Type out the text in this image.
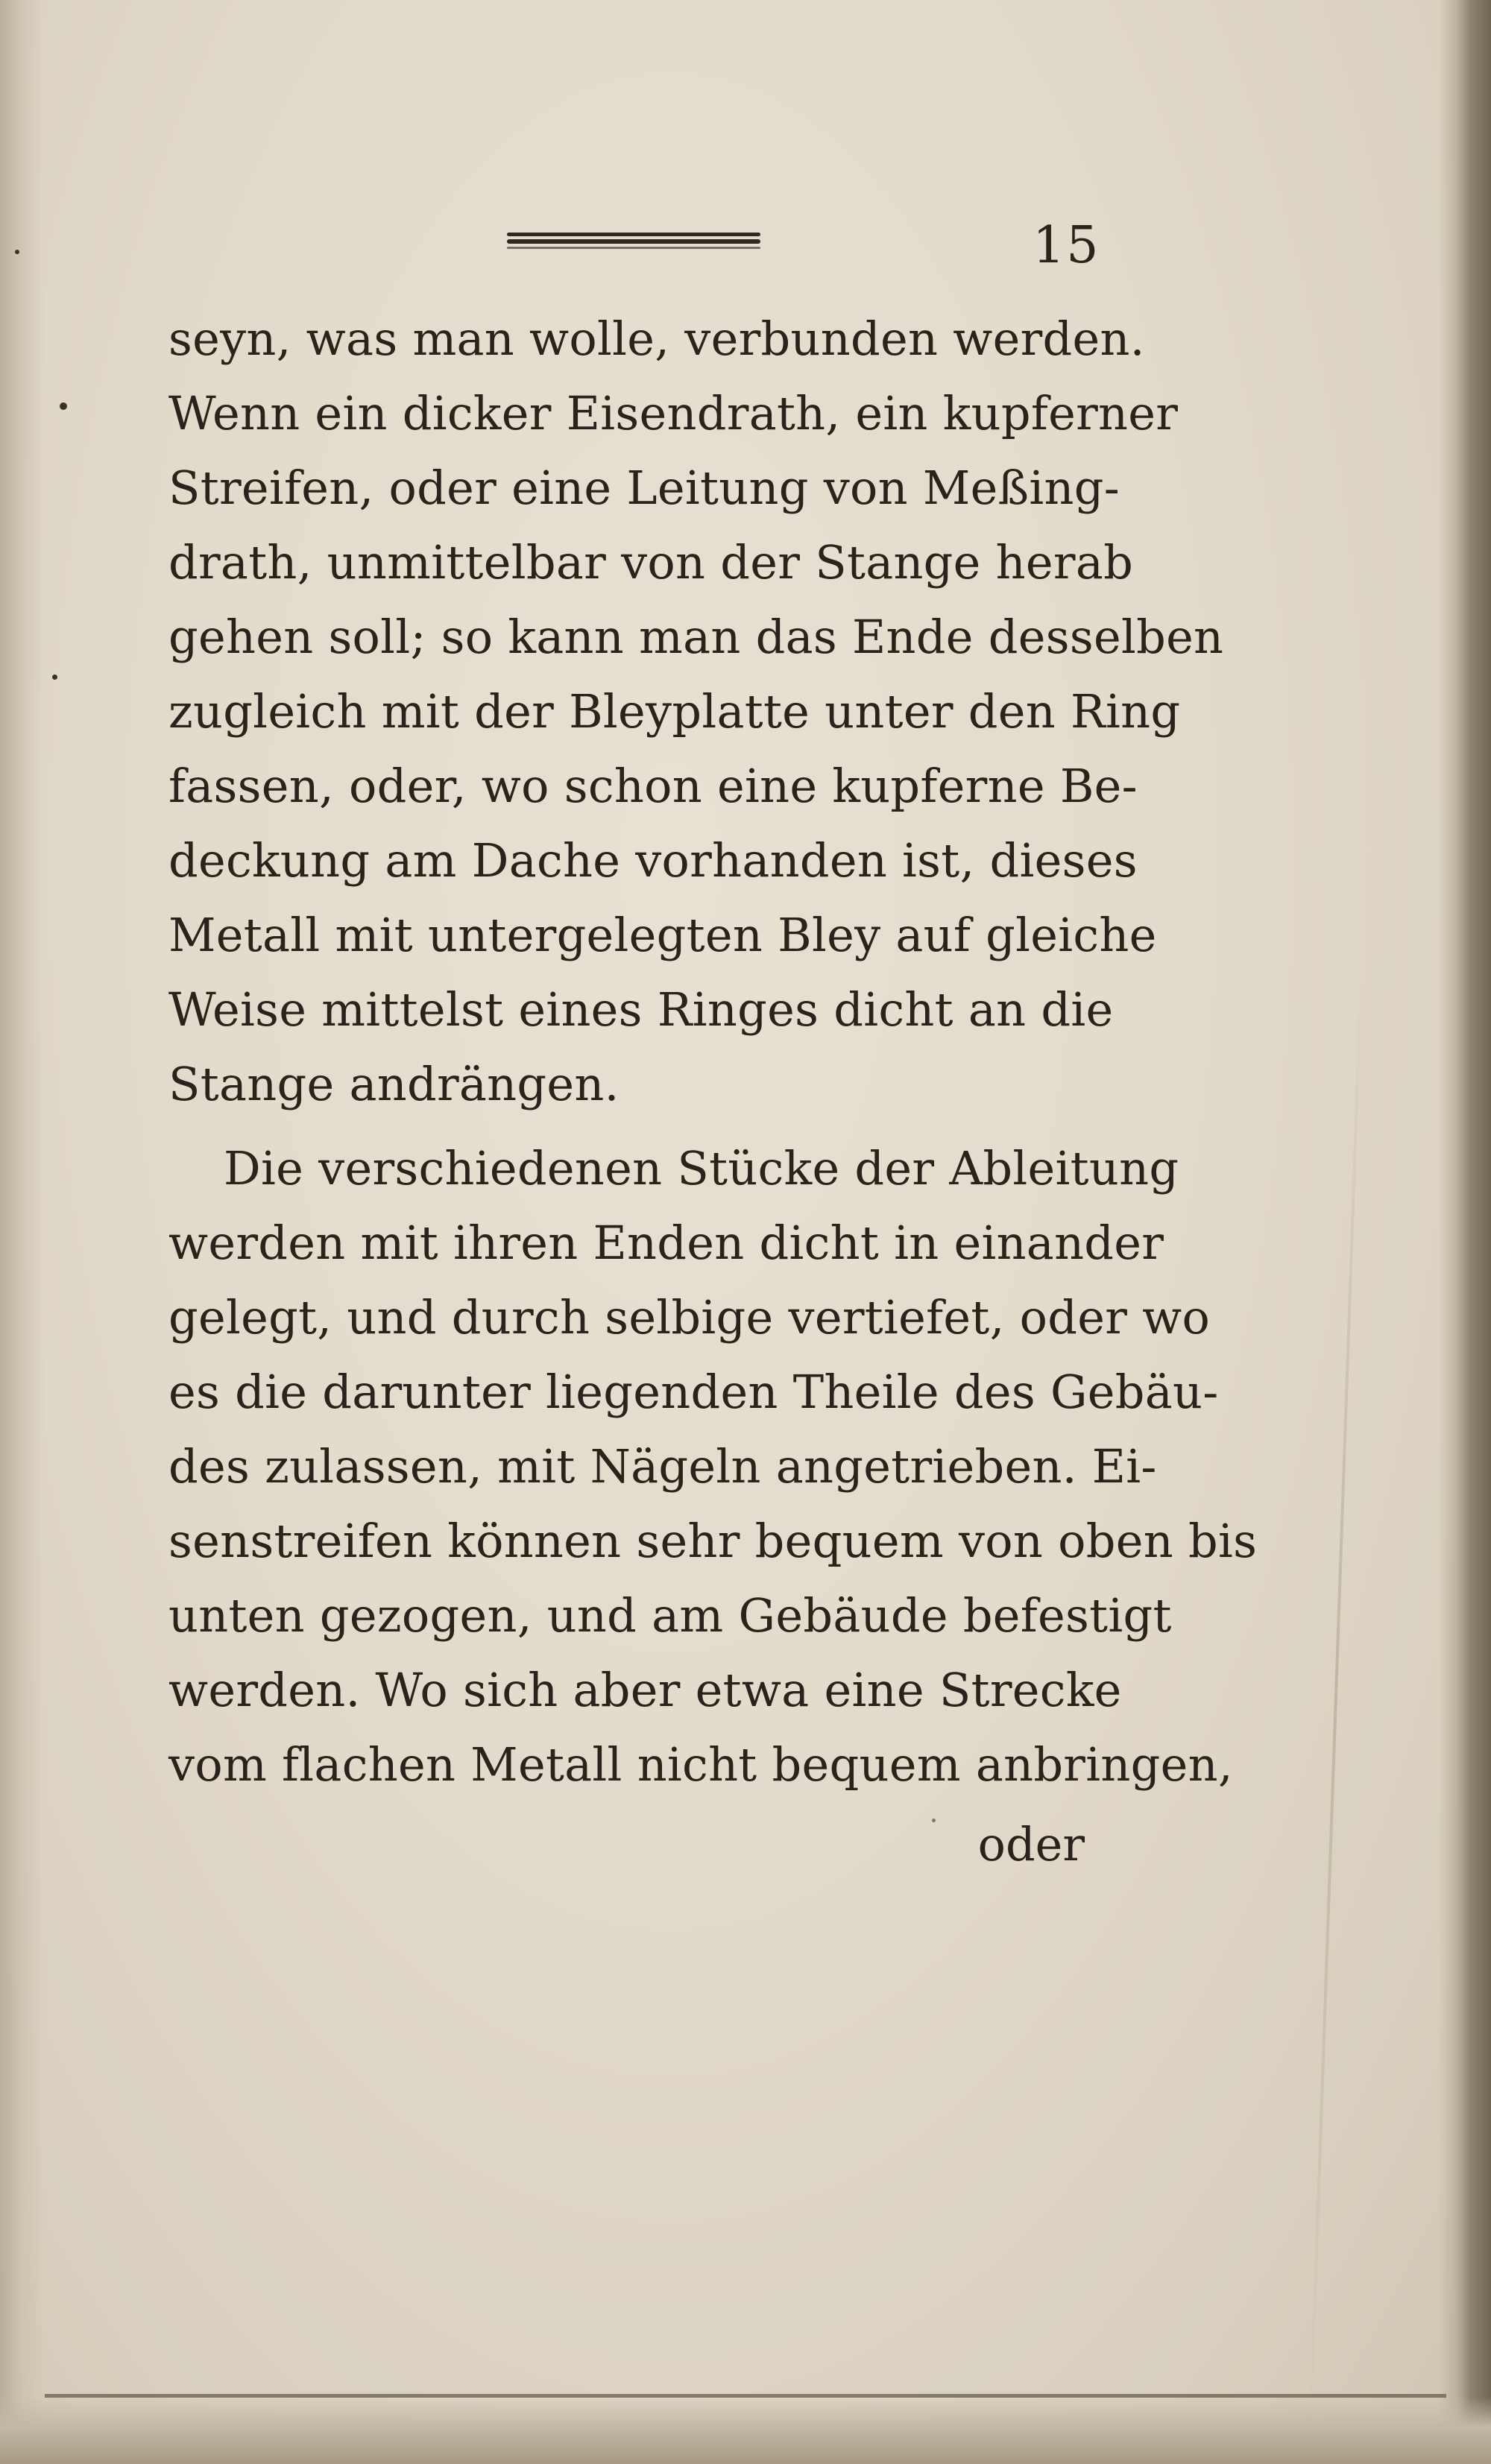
15
seyn, was man wolle, verbunden werden.
Wenn ein dicker Eisendrath, ein kupferner
Streifen, oder eine Leitung von Meßing-
drath, unmittelbar von der Stange herab
gehen soll; so kann man das Ende desselben
zugleich mit der Bleyplatte unter den Ring
fassen, oder, wo schon eine kupferne Be-
deckung am Dache vorhanden ist, dieses
Metall mit untergelegten Bley auf gleiche
Weise mittelst eines Ringes dicht an die
Stange andrängen.
Die verschiedenen Stücke der Ableitung
werden mit ihren Enden dicht in einander
gelegt, und durch selbige vertiefet, oder wo
es die darunter liegenden Theile des Gebäu-
des zulassen, mit Nägeln angetrieben. Ei-
senstreifen können sehr bequem von oben bis
unten gezogen, und am Gebäude befestigt
werden. Wo sich aber etwa eine Strecke
vom flachen Metall nicht bequem anbringen,
oder
